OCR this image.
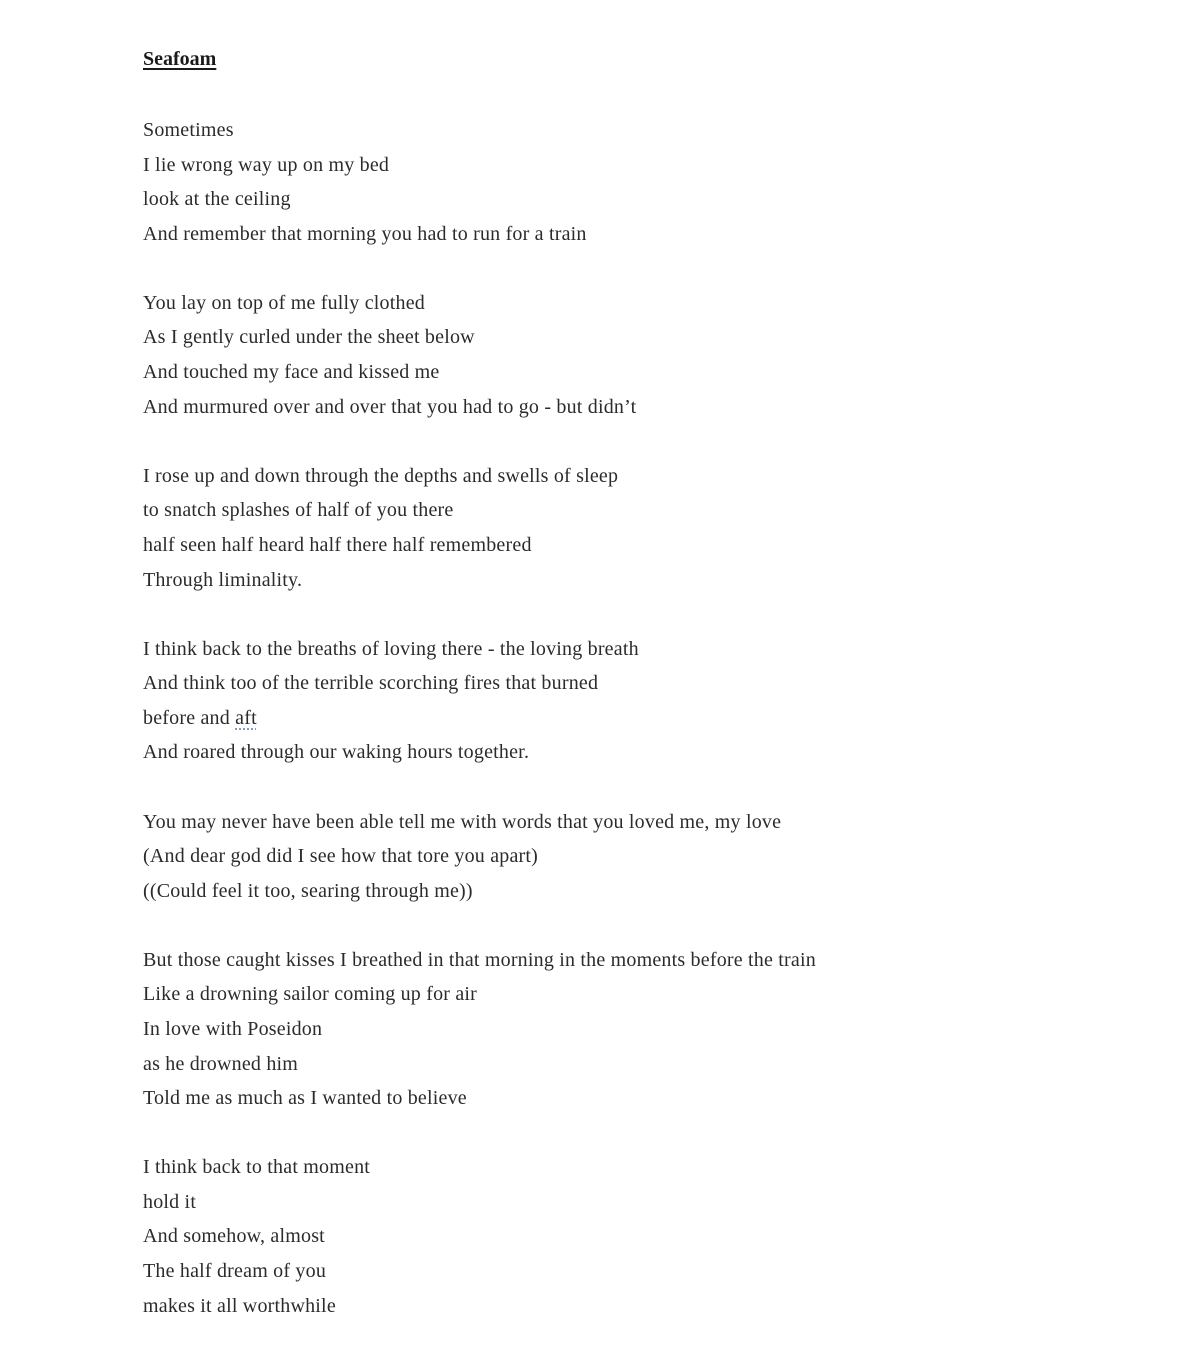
Seafoam
Sometimes
I lie wrong way up on my bed
look at the ceiling
And remember that morning you had to run for a train
You lay on top of me fully clothed
As I gently curled under the sheet below
And touched my face and kissed me
And murmured over and over that you had to go - but didn’t
I rose up and down through the depths and swells of sleep
to snatch splashes of half of you there
half seen half heard half there half remembered
Through liminality.
I think back to the breaths of loving there - the loving breath
And think too of the terrible scorching fires that burned
before and aft
And roared through our waking hours together.
You may never have been able tell me with words that you loved me, my love
(And dear god did I see how that tore you apart)
((Could feel it too, searing through me))
But those caught kisses I breathed in that morning in the moments before the train
Like a drowning sailor coming up for air
In love with Poseidon
as he drowned him
Told me as much as I wanted to believe
I think back to that moment
hold it
And somehow, almost
The half dream of you
makes it all worthwhile
